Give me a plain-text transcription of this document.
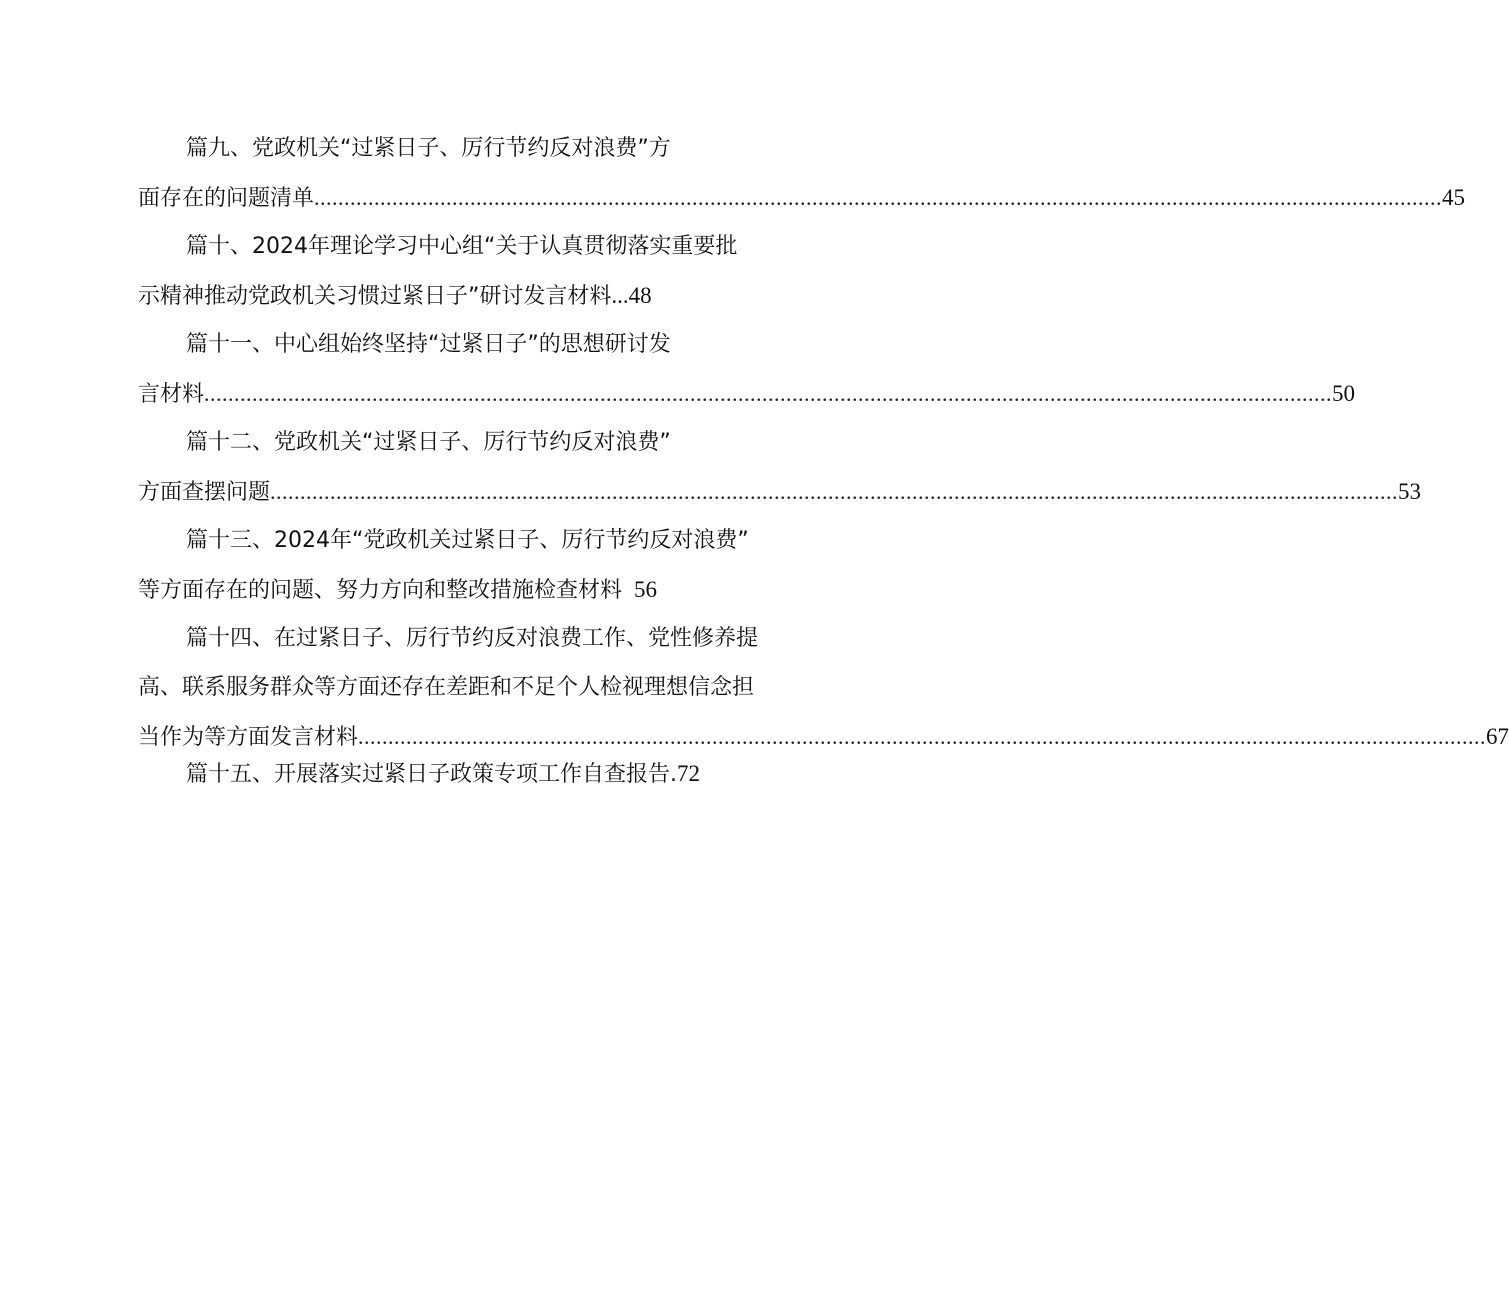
篇九、党政机关“过紧日子、厉行节约反对浪费”方
面存在的问题清单 ............................................................................................................................................................................................ 45
篇十、2024年理论学习中心组“关于认真贯彻落实重要批
示精神推动党政机关习惯过紧日子”研讨发言材料 ... 48
篇十一、中心组始终坚持“过紧日子”的思想研讨发
言材料 ............................................................................................................................................................................................ 50
篇十二、党政机关“过紧日子、厉行节约反对浪费”
方面查摆问题 ............................................................................................................................................................................................ 53
篇十三、2024年“党政机关过紧日子、厉行节约反对浪费”
等方面存在的问题、努力方向和整改措施检查材料 56
篇十四、在过紧日子、厉行节约反对浪费工作、党性修养提
高、联系服务群众等方面还存在差距和不足个人检视理想信念担
当作为等方面发言材料 ............................................................................................................................................................................................ 67
篇十五、开展落实过紧日子政策专项工作自查报告. 72
